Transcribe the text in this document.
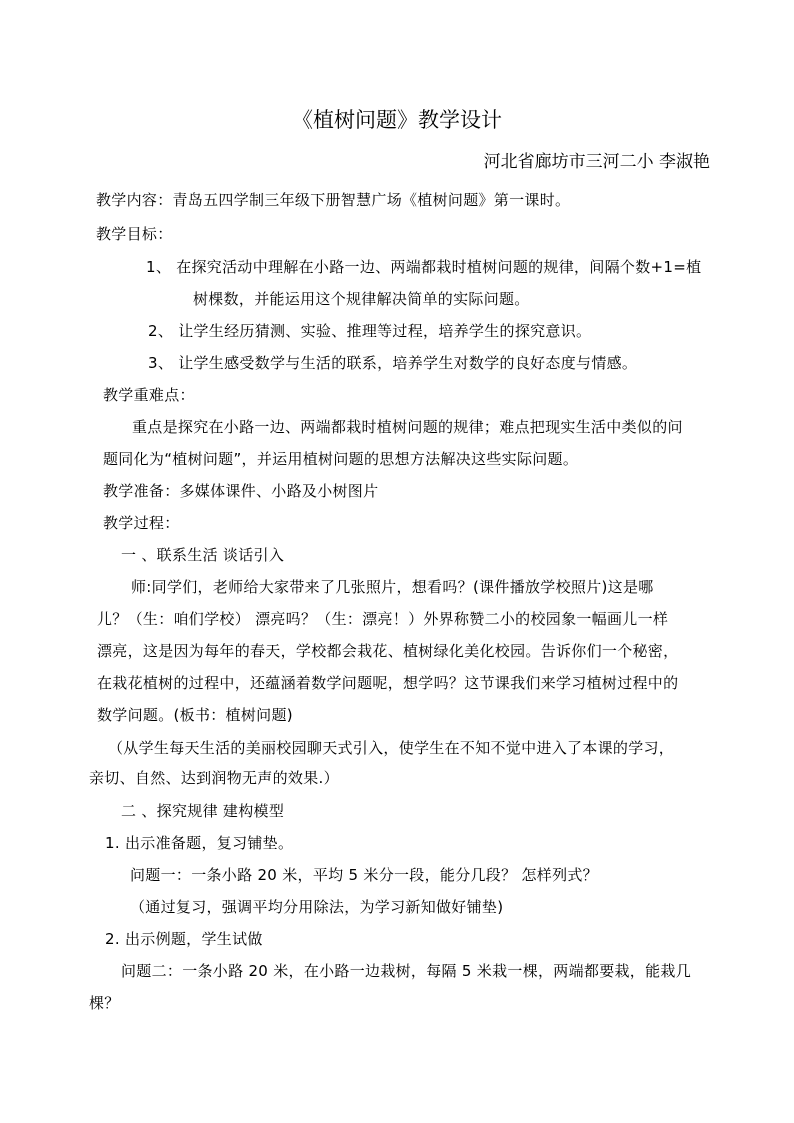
《植树问题》教学设计
河北省廊坊市三河二小 李淑艳
教学内容：青岛五四学制三年级下册智慧广场《植树问题》第一课时。
教学目标：
1、 在探究活动中理解在小路一边、两端都栽时植树问题的规律，间隔个数+1=植
树棵数，并能运用这个规律解决简单的实际问题。
2、 让学生经历猜测、实验、推理等过程，培养学生的探究意识。
3、 让学生感受数学与生活的联系，培养学生对数学的良好态度与情感。
教学重难点：
重点是探究在小路一边、两端都栽时植树问题的规律；难点把现实生活中类似的问
题同化为“植树问题”，并运用植树问题的思想方法解决这些实际问题。
教学准备：多媒体课件、小路及小树图片
教学过程：
一 、联系生活 谈话引入
师:同学们，老师给大家带来了几张照片，想看吗？(课件播放学校照片)这是哪
儿？（生：咱们学校） 漂亮吗？（生：漂亮！）外界称赞二小的校园象一幅画儿一样
漂亮，这是因为每年的春天，学校都会栽花、植树绿化美化校园。告诉你们一个秘密，
在栽花植树的过程中，还蕴涵着数学问题呢，想学吗？这节课我们来学习植树过程中的
数学问题。(板书：植树问题)
（从学生每天生活的美丽校园聊天式引入，使学生在不知不觉中进入了本课的学习，
亲切、自然、达到润物无声的效果.）
二 、探究规律 建构模型
1. 出示准备题，复习铺垫。
问题一：一条小路 20 米，平均 5 米分一段，能分几段？ 怎样列式？
（通过复习，强调平均分用除法，为学习新知做好铺垫)
2. 出示例题，学生试做
问题二：一条小路 20 米，在小路一边栽树，每隔 5 米栽一棵，两端都要栽，能栽几
棵？
